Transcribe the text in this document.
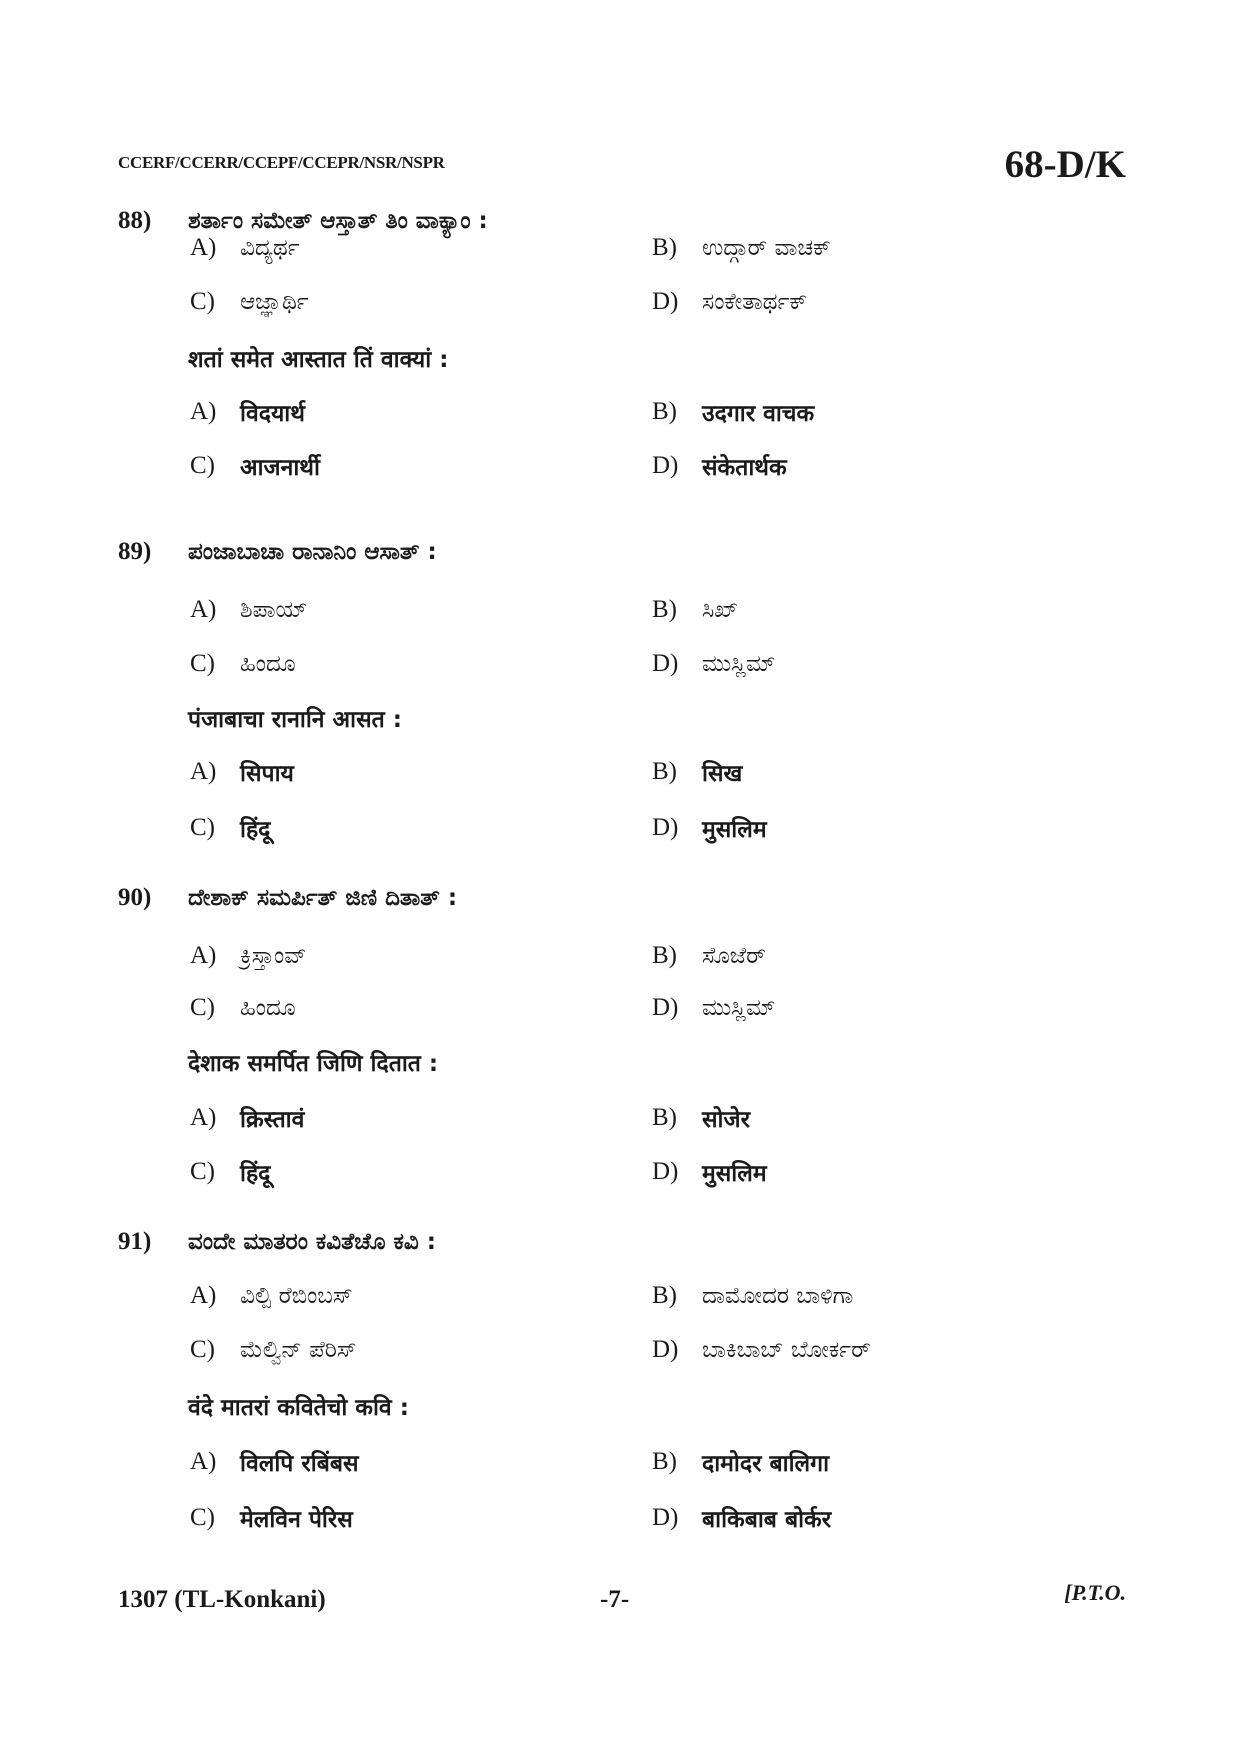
CCERF/CCERR/CCEPF/CCEPR/NSR/NSPR	68-D/K
88) ಶರ್ತಾಂ ಸಮೇತ್ ಆಸ್ತಾತ್ ತಿಂ ವಾಕ್ಯಾಂ :
A)	ವಿದ್ಯರ್ಥ	B)	ಉದ್ಗಾರ್ ವಾಚಕ್
C)	ಆಜ್ಞಾರ್ಥಿ	D)	ಸಂಕೇತಾರ್ಥಕ್
शतां समेत आस्तात तिं वाक्यां :
A)	विदयार्थ	B)	उदगार वाचक
C)	आजनार्थी	D)	संकेतार्थक
89) ಪಂಜಾಬಾಚಾ ರಾನಾನಿಂ ಆಸಾತ್ :
A)	ಶಿಪಾಯ್	B)	ಸಿಖ್
C)	ಹಿಂದೂ	D)	ಮುಸ್ಲಿಮ್
पंजाबाचा रानानि आसत :
A)	सिपाय	B)	सिख
C)	हिंदू	D)	मुसलिम
90) ದೇಶಾಕ್ ಸಮರ್ಪಿತ್ ಜಿಣಿ ದಿತಾತ್ :
A)	ಕ್ರಿಸ್ತಾಂವ್	B)	ಸೊಜೆರ್
C)	ಹಿಂದೂ	D)	ಮುಸ್ಲಿಮ್
देशाक समर्पित जिणि दितात :
A)	क्रिस्तावं	B)	सोजेर
C)	हिंदू	D)	मुसलिम
91) ವಂದೇ ಮಾತರಂ ಕವಿತೆಚೊ ಕವಿ :
A)	ವಿಲ್ಪಿ ರೆಬಿಂಬಸ್	B)	ದಾಮೋದರ ಬಾಳಿಗಾ
C)	ಮೆಲ್ವಿನ್ ಪೆರಿಸ್	D)	ಬಾಕಿಬಾಬ್ ಬೋರ್ಕರ್
वंदे मातरां कवितेचो कवि :
A)	विलपि रबिंबस	B)	दामोदर बालिगा
C)	मेलविन पेरिस	D)	बाकिबाब बोर्कर
1307 (TL-Konkani)	-7-	[P.T.O.
